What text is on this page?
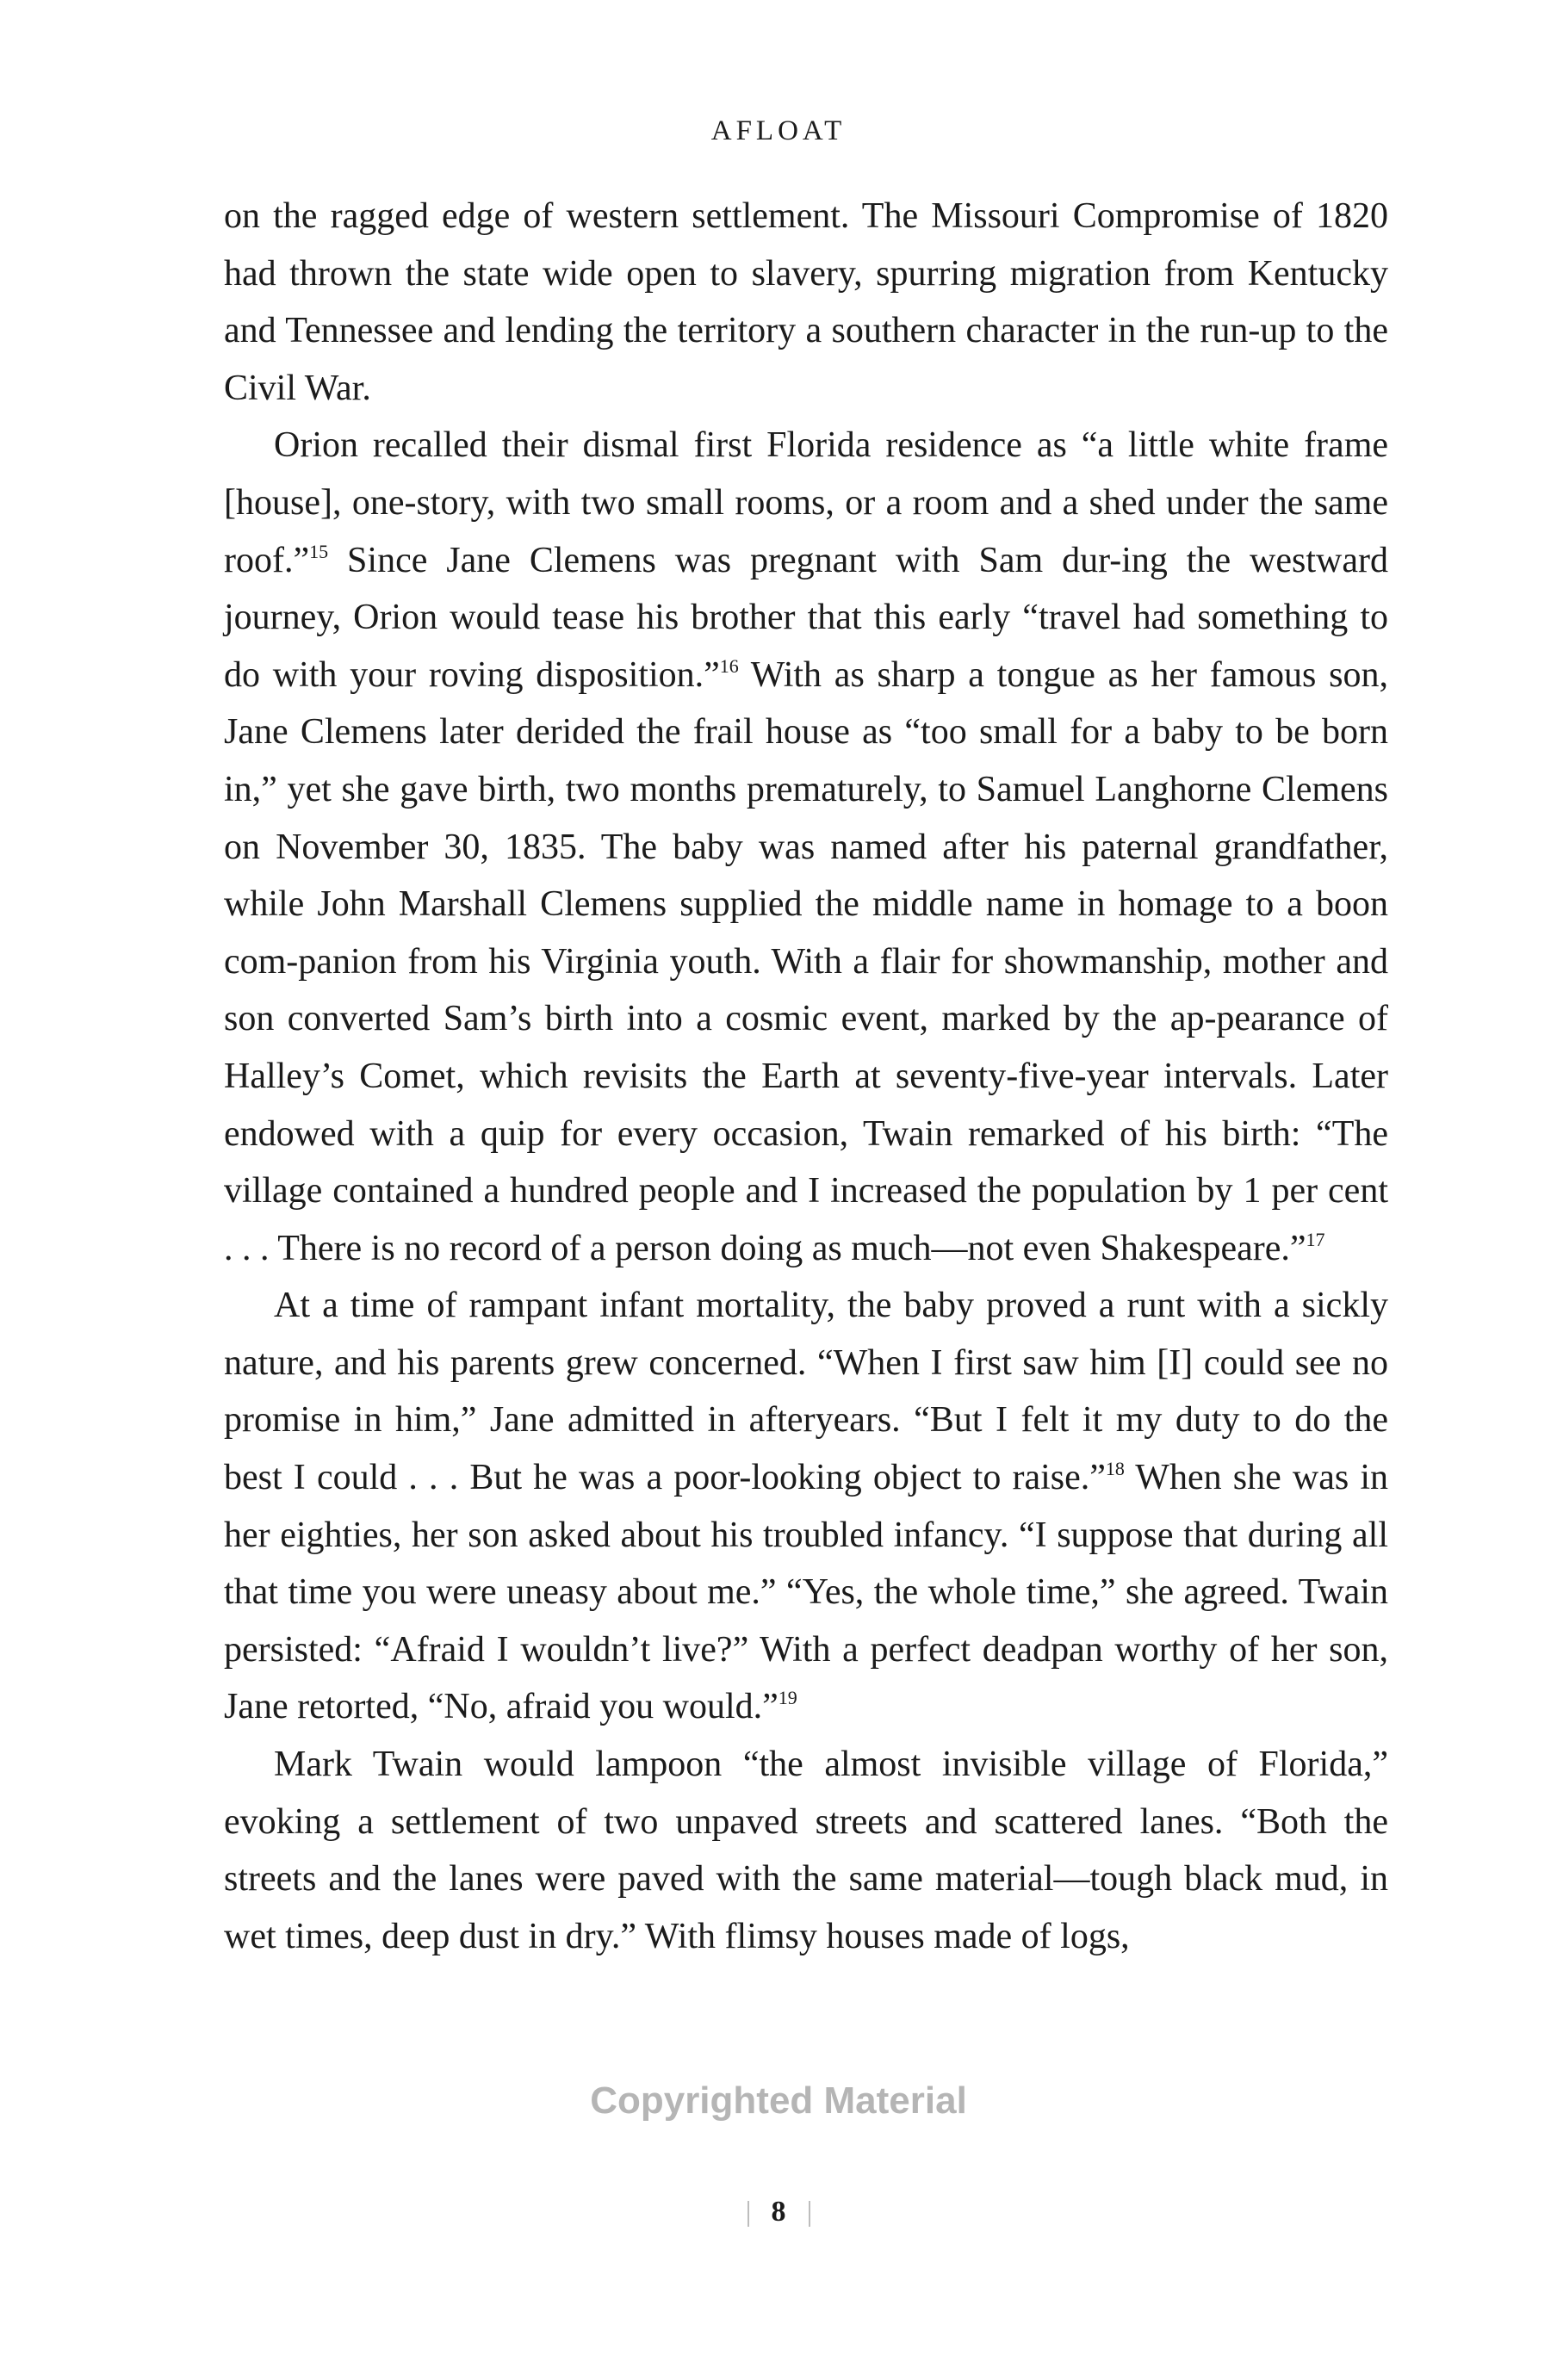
AFLOAT

on the ragged edge of western settlement. The Missouri Compromise of 1820 had thrown the state wide open to slavery, spurring migration from Kentucky and Tennessee and lending the territory a southern character in the run-up to the Civil War.

Orion recalled their dismal first Florida residence as “a little white frame [house], one-story, with two small rooms, or a room and a shed under the same roof.”$^{15}$ Since Jane Clemens was pregnant with Sam dur-ing the westward journey, Orion would tease his brother that this early “travel had something to do with your roving disposition.”$^{16}$ With as sharp a tongue as her famous son, Jane Clemens later derided the frail house as “too small for a baby to be born in,” yet she gave birth, two months prematurely, to Samuel Langhorne Clemens on November 30, 1835. The baby was named after his paternal grandfather, while John Marshall Clemens supplied the middle name in homage to a boon com-panion from his Virginia youth. With a flair for showmanship, mother and son converted Sam’s birth into a cosmic event, marked by the ap-pearance of Halley’s Comet, which revisits the Earth at seventy-five-year intervals. Later endowed with a quip for every occasion, Twain remarked of his birth: “The village contained a hundred people and I increased the population by 1 per cent . . . There is no record of a person doing as much—not even Shakespeare.”$^{17}$

At a time of rampant infant mortality, the baby proved a runt with a sickly nature, and his parents grew concerned. “When I first saw him [I] could see no promise in him,” Jane admitted in afteryears. “But I felt it my duty to do the best I could . . . But he was a poor-looking object to raise.”$^{18}$ When she was in her eighties, her son asked about his troubled infancy. “I suppose that during all that time you were uneasy about me.” “Yes, the whole time,” she agreed. Twain persisted: “Afraid I wouldn’t live?” With a perfect deadpan worthy of her son, Jane retorted, “No, afraid you would.”$^{19}$

Mark Twain would lampoon “the almost invisible village of Florida,” evoking a settlement of two unpaved streets and scattered lanes. “Both the streets and the lanes were paved with the same material—tough black mud, in wet times, deep dust in dry.” With flimsy houses made of logs,

8
Copyrighted Material
